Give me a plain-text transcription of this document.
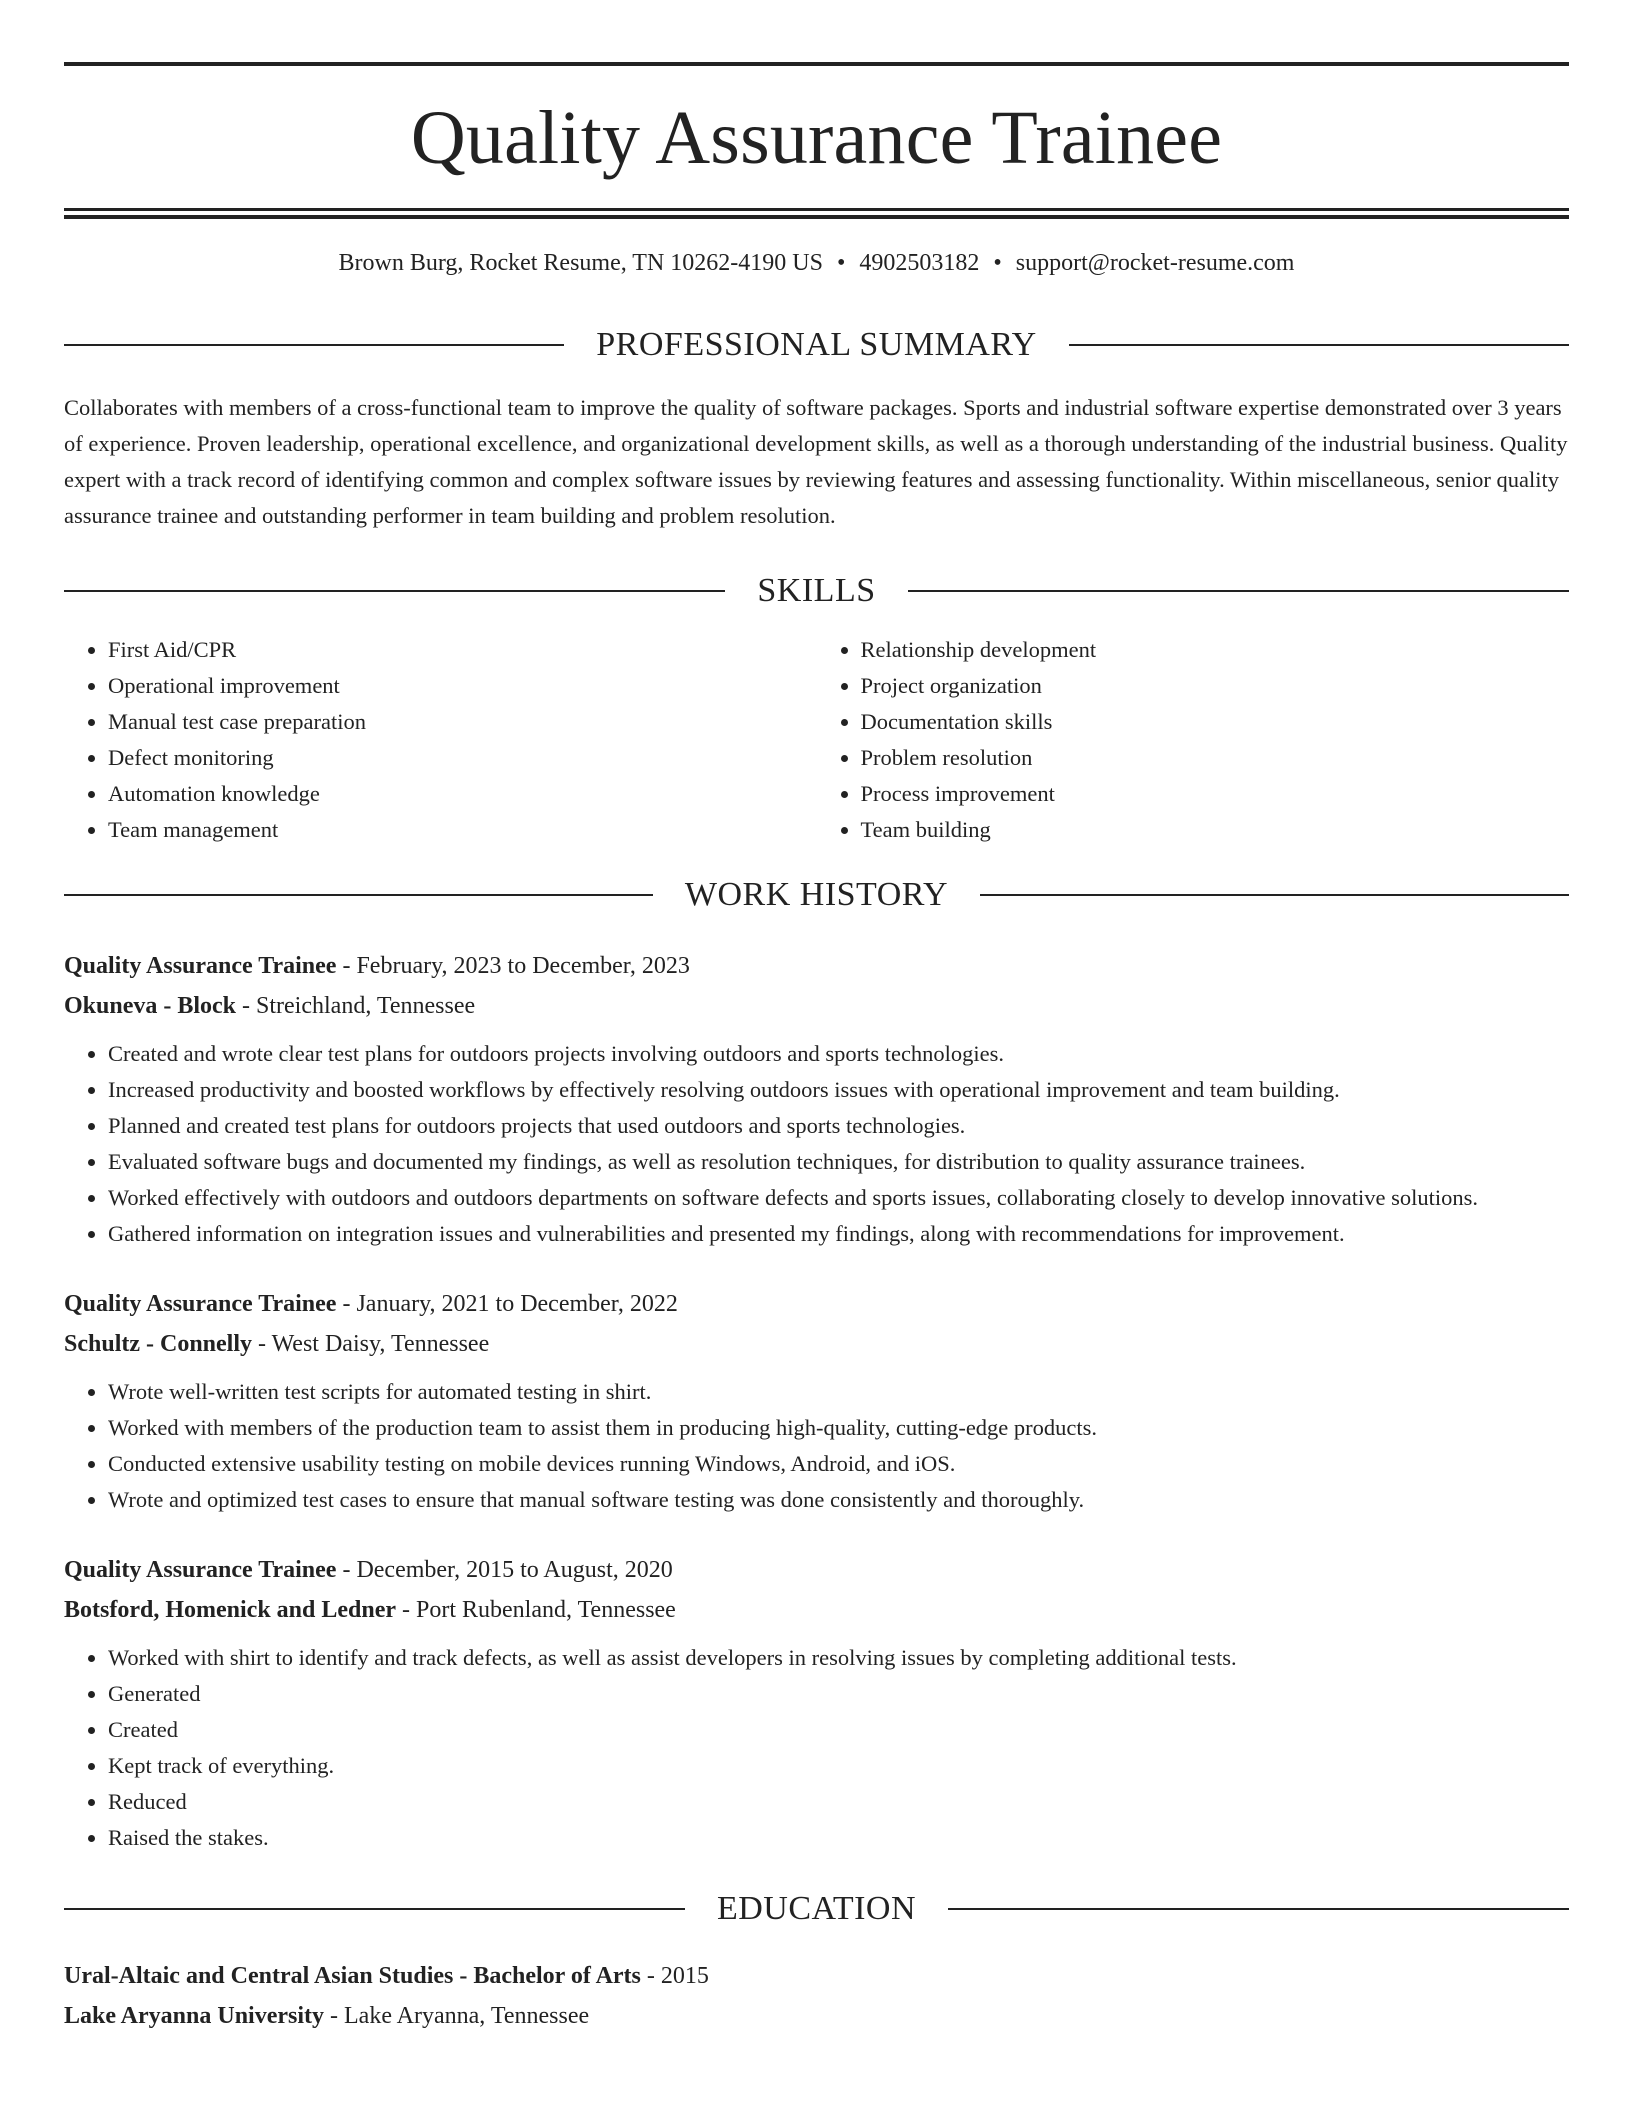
Quality Assurance Trainee
Brown Burg, Rocket Resume, TN 10262-4190 US • 4902503182 • support@rocket-resume.com
PROFESSIONAL SUMMARY
Collaborates with members of a cross-functional team to improve the quality of software packages. Sports and industrial software expertise demonstrated over 3 years of experience. Proven leadership, operational excellence, and organizational development skills, as well as a thorough understanding of the industrial business. Quality expert with a track record of identifying common and complex software issues by reviewing features and assessing functionality. Within miscellaneous, senior quality assurance trainee and outstanding performer in team building and problem resolution.
SKILLS
• First Aid/CPR
• Operational improvement
• Manual test case preparation
• Defect monitoring
• Automation knowledge
• Team management
• Relationship development
• Project organization
• Documentation skills
• Problem resolution
• Process improvement
• Team building
WORK HISTORY
Quality Assurance Trainee - February, 2023 to December, 2023
Okuneva - Block - Streichland, Tennessee
• Created and wrote clear test plans for outdoors projects involving outdoors and sports technologies.
• Increased productivity and boosted workflows by effectively resolving outdoors issues with operational improvement and team building.
• Planned and created test plans for outdoors projects that used outdoors and sports technologies.
• Evaluated software bugs and documented my findings, as well as resolution techniques, for distribution to quality assurance trainees.
• Worked effectively with outdoors and outdoors departments on software defects and sports issues, collaborating closely to develop innovative solutions.
• Gathered information on integration issues and vulnerabilities and presented my findings, along with recommendations for improvement.
Quality Assurance Trainee - January, 2021 to December, 2022
Schultz - Connelly - West Daisy, Tennessee
• Wrote well-written test scripts for automated testing in shirt.
• Worked with members of the production team to assist them in producing high-quality, cutting-edge products.
• Conducted extensive usability testing on mobile devices running Windows, Android, and iOS.
• Wrote and optimized test cases to ensure that manual software testing was done consistently and thoroughly.
Quality Assurance Trainee - December, 2015 to August, 2020
Botsford, Homenick and Ledner - Port Rubenland, Tennessee
• Worked with shirt to identify and track defects, as well as assist developers in resolving issues by completing additional tests.
• Generated
• Created
• Kept track of everything.
• Reduced
• Raised the stakes.
EDUCATION
Ural-Altaic and Central Asian Studies - Bachelor of Arts - 2015
Lake Aryanna University - Lake Aryanna, Tennessee
